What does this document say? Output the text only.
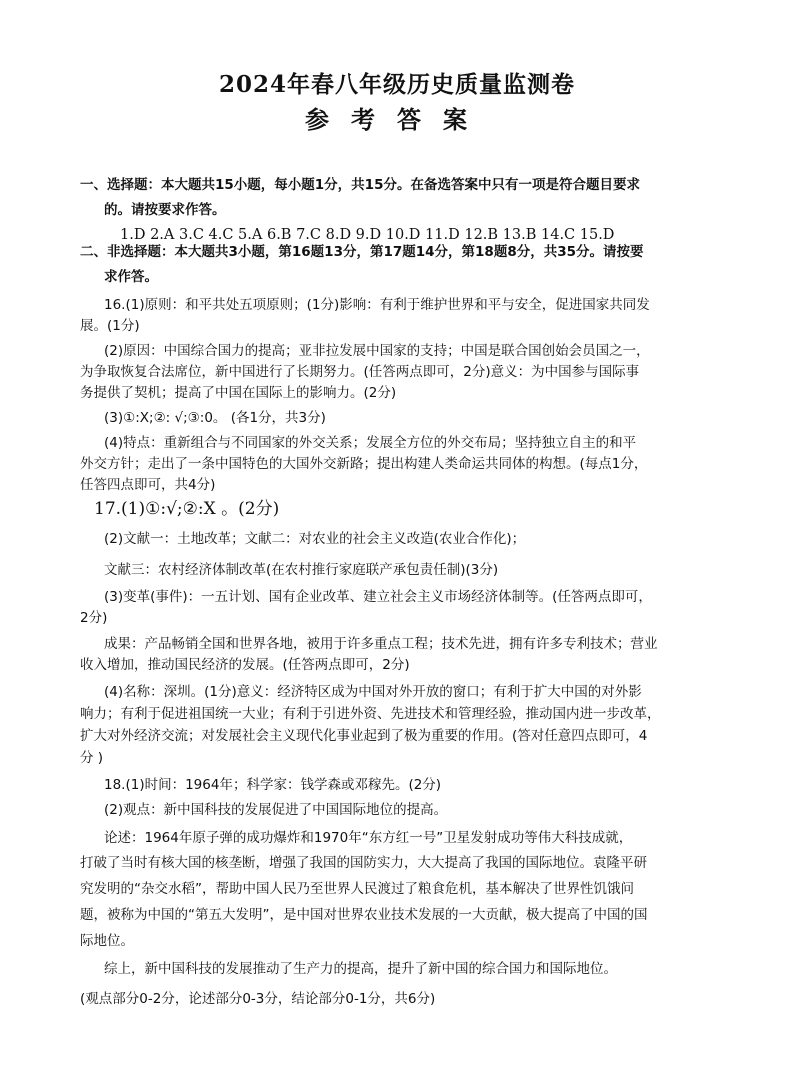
2024年春八年级历史质量监测卷
参考答案
一、选择题：本大题共15小题，每小题1分，共15分。在备选答案中只有一项是符合题目要求
的。请按要求作答。
1.D 2.A 3.C 4.C 5.A 6.B 7.C 8.D 9.D 10.D 11.D 12.B 13.B 14.C 15.D
二、非选择题：本大题共3小题，第16题13分，第17题14分，第18题8分，共35分。请按要
求作答。
16.(1)原则：和平共处五项原则；(1分)影响：有利于维护世界和平与安全，促进国家共同发
展。(1分)
(2)原因：中国综合国力的提高；亚非拉发展中国家的支持；中国是联合国创始会员国之一，
为争取恢复合法席位，新中国进行了长期努力。(任答两点即可，2分)意义：为中国参与国际事
务提供了契机；提高了中国在国际上的影响力。(2分)
(3)①:X;②: √;③:0。 (各1分，共3分)
(4)特点：重新组合与不同国家的外交关系；发展全方位的外交布局；坚持独立自主的和平
外交方针；走出了一条中国特色的大国外交新路；提出构建人类命运共同体的构想。(每点1分，
任答四点即可，共4分)
17.(1)①:√;②:X 。(2分)
(2)文献一：土地改革；文献二：对农业的社会主义改造(农业合作化)；
文献三：农村经济体制改革(在农村推行家庭联产承包责任制)(3分)
(3)变革(事件)：一五计划、国有企业改革、建立社会主义市场经济体制等。(任答两点即可，
2分)
成果：产品畅销全国和世界各地，被用于许多重点工程；技术先进，拥有许多专利技术；营业
收入增加，推动国民经济的发展。(任答两点即可，2分)
(4)名称：深圳。(1分)意义：经济特区成为中国对外开放的窗口；有利于扩大中国的对外影
响力；有利于促进祖国统一大业；有利于引进外资、先进技术和管理经验，推动国内进一步改革，
扩大对外经济交流；对发展社会主义现代化事业起到了极为重要的作用。(答对任意四点即可，4
分 )
18.(1)时间：1964年；科学家：钱学森或邓稼先。(2分)
(2)观点：新中国科技的发展促进了中国国际地位的提高。
论述：1964年原子弹的成功爆炸和1970年“东方红一号”卫星发射成功等伟大科技成就，
打破了当时有核大国的核垄断，增强了我国的国防实力，大大提高了我国的国际地位。袁隆平研
究发明的“杂交水稻”，帮助中国人民乃至世界人民渡过了粮食危机，基本解决了世界性饥饿问
题，被称为中国的“第五大发明”，是中国对世界农业技术发展的一大贡献，极大提高了中国的国
际地位。
综上，新中国科技的发展推动了生产力的提高，提升了新中国的综合国力和国际地位。
(观点部分0-2分，论述部分0-3分，结论部分0-1分，共6分)
